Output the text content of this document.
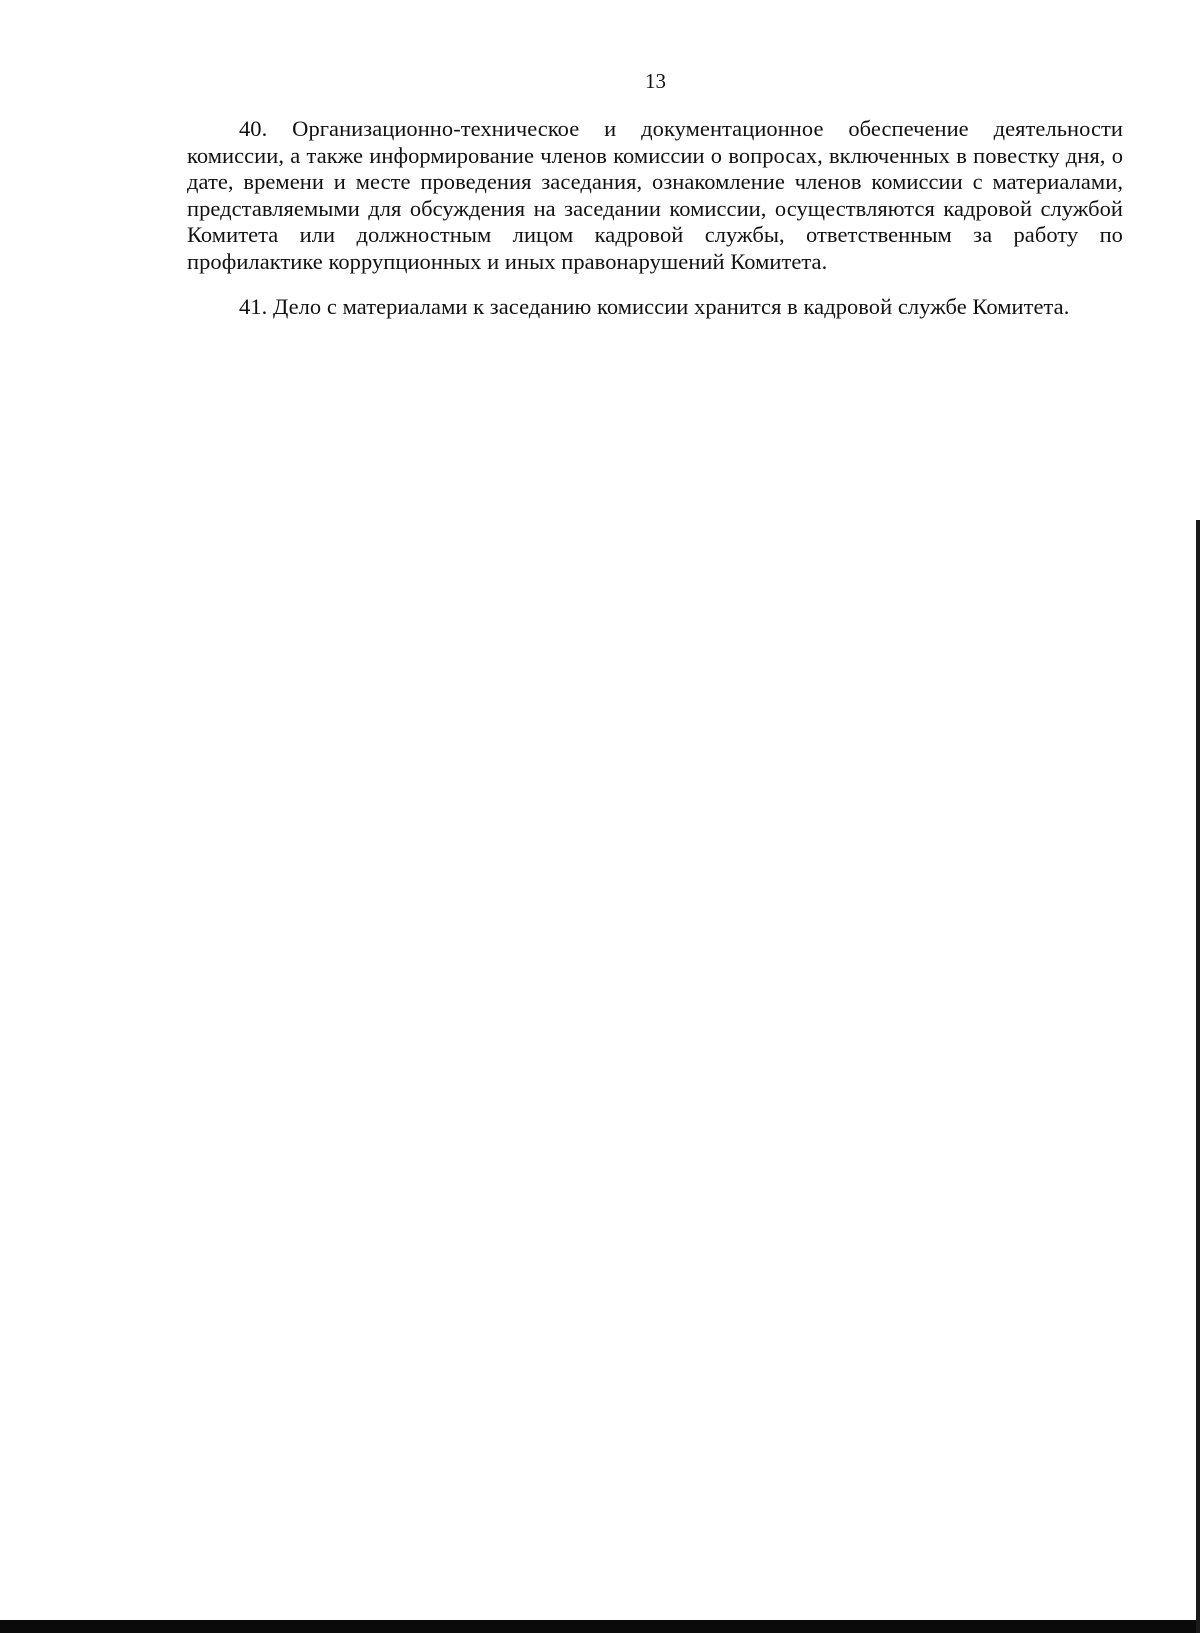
13

40. Организационно-техническое и документационное обеспечение деятельности комиссии, а также информирование членов комиссии о вопросах, включенных в повестку дня, о дате, времени и месте проведения заседания, ознакомление членов комиссии с материалами, представляемыми для обсуждения на заседании комиссии, осуществляются кадровой службой Комитета или должностным лицом кадровой службы, ответственным за работу по профилактике коррупционных и иных правонарушений Комитета.

41. Дело с материалами к заседанию комиссии хранится в кадровой службе Комитета.
